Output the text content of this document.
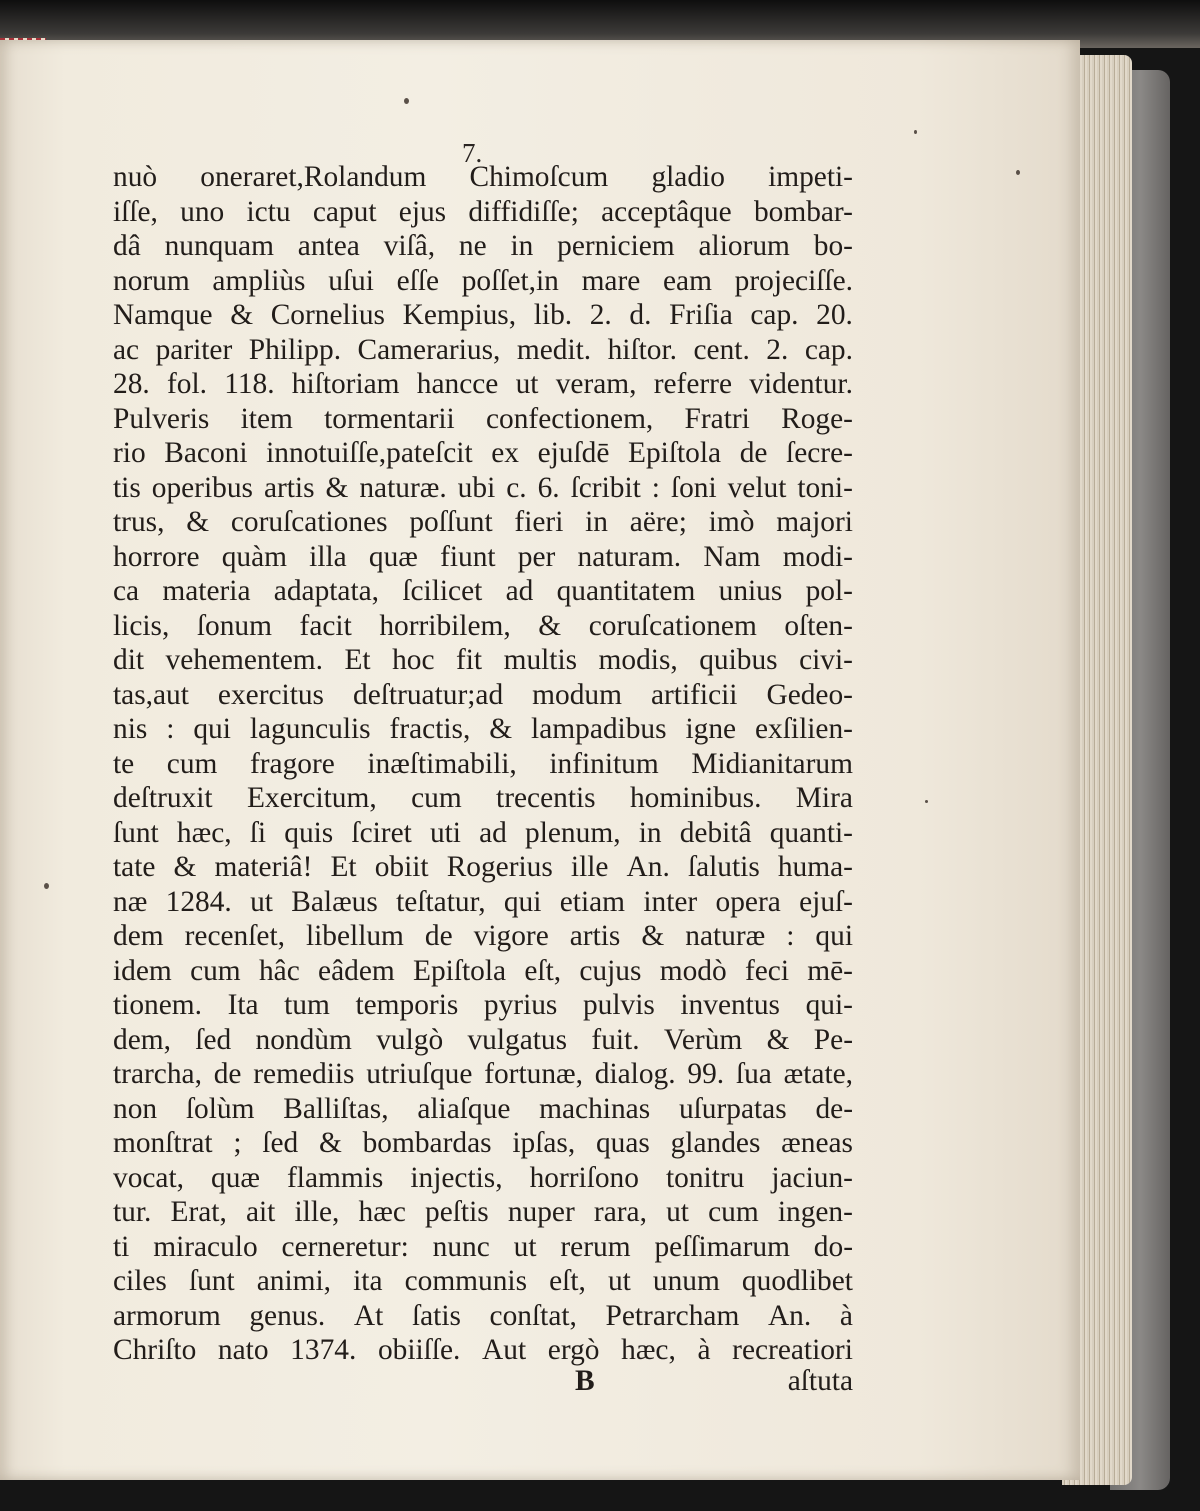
7.
nuò oneraret,Rolandum Chimoſcum gladio impeti-
iſſe, uno ictu caput ejus diffidiſſe; acceptâque bombar-
dâ nunquam antea viſâ, ne in perniciem aliorum bo-
norum ampliùs uſui eſſe poſſet,in mare eam projeciſſe.
Namque & Cornelius Kempius, lib. 2. d. Friſia cap. 20.
ac pariter Philipp. Camerarius, medit. hiſtor. cent. 2. cap.
28. fol. 118. hiſtoriam hancce ut veram, referre videntur.
Pulveris item tormentarii confectionem, Fratri Roge-
rio Baconi innotuiſſe,pateſcit ex ejuſdē Epiſtola de ſecre-
tis operibus artis & naturæ. ubi c. 6. ſcribit : ſoni velut toni-
trus, & coruſcationes poſſunt fieri in aëre; imò majori
horrore quàm illa quæ fiunt per naturam. Nam modi-
ca materia adaptata, ſcilicet ad quantitatem unius pol-
licis, ſonum facit horribilem, & coruſcationem oſten-
dit vehementem. Et hoc fit multis modis, quibus civi-
tas,aut exercitus deſtruatur;ad modum artificii Gedeo-
nis : qui lagunculis fractis, & lampadibus igne exſilien-
te cum fragore inæſtimabili, infinitum Midianitarum
deſtruxit Exercitum, cum trecentis hominibus. Mira
ſunt hæc, ſi quis ſciret uti ad plenum, in debitâ quanti-
tate & materiâ! Et obiit Rogerius ille An. ſalutis huma-
næ 1284. ut Balæus teſtatur, qui etiam inter opera ejuſ-
dem recenſet, libellum de vigore artis & naturæ : qui
idem cum hâc eâdem Epiſtola eſt, cujus modò feci mē-
tionem. Ita tum temporis pyrius pulvis inventus qui-
dem, ſed nondùm vulgò vulgatus fuit. Verùm & Pe-
trarcha, de remediis utriuſque fortunæ, dialog. 99. ſua ætate,
non ſolùm Balliſtas, aliaſque machinas uſurpatas de-
monſtrat ; ſed & bombardas ipſas, quas glandes æneas
vocat, quæ flammis injectis, horriſono tonitru jaciun-
tur. Erat, ait ille, hæc peſtis nuper rara, ut cum ingen-
ti miraculo cerneretur: nunc ut rerum peſſimarum do-
ciles ſunt animi, ita communis eſt, ut unum quodlibet
armorum genus. At ſatis conſtat, Petrarcham An. à
Chriſto nato 1374. obiiſſe. Aut ergò hæc, à recreatiori
B	aſtuta
